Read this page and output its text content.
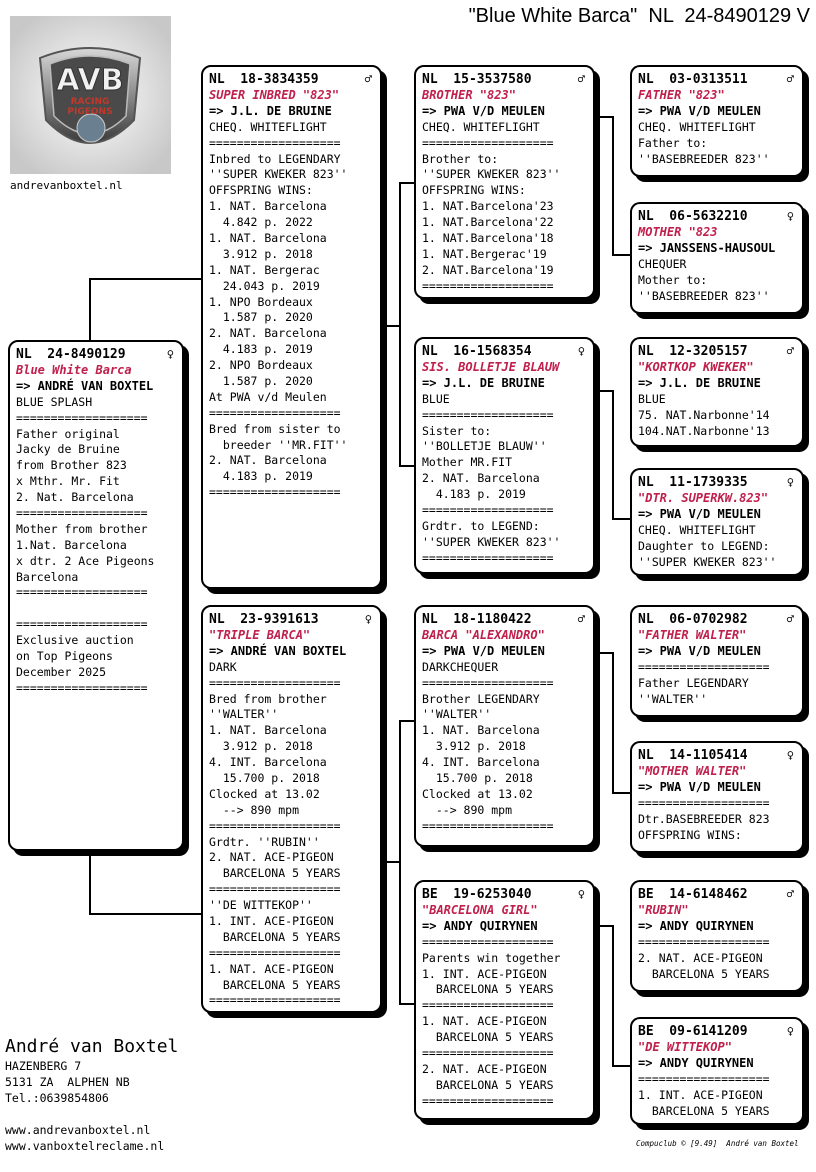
"Blue White Barca"  NL  24-8490129 V
AVB
RACING
PIGEONS
andrevanboxtel.nl
NL  24-8490129	♀
Blue White Barca
=> ANDRÉ VAN BOXTEL
BLUE SPLASH
===================
Father original
Jacky de Bruine
from Brother 823
x Mthr. Mr. Fit
2. Nat. Barcelona
===================
Mother from brother
1.Nat. Barcelona
x dtr. 2 Ace Pigeons
Barcelona
===================
===================
Exclusive auction
on Top Pigeons
December 2025
===================
NL  18-3834359	♂
SUPER INBRED "823"
=> J.L. DE BRUINE
CHEQ. WHITEFLIGHT
===================
Inbred to LEGENDARY
''SUPER KWEKER 823''
OFFSPRING WINS:
1. NAT. Barcelona
4.842 p. 2022
1. NAT. Barcelona
3.912 p. 2018
1. NAT. Bergerac
24.043 p. 2019
1. NPO Bordeaux
1.587 p. 2020
2. NAT. Barcelona
4.183 p. 2019
2. NPO Bordeaux
1.587 p. 2020
At PWA v/d Meulen
===================
Bred from sister to
breeder ''MR.FIT''
2. NAT. Barcelona
4.183 p. 2019
===================
NL  15-3537580	♂
BROTHER "823"
=> PWA V/D MEULEN
CHEQ. WHITEFLIGHT
===================
Brother to:
''SUPER KWEKER 823''
OFFSPRING WINS:
1. NAT.Barcelona'23
1. NAT.Barcelona'22
1. NAT.Barcelona'18
1. NAT.Bergerac'19
2. NAT.Barcelona'19
===================
NL  03-0313511	♂
FATHER "823"
=> PWA V/D MEULEN
CHEQ. WHITEFLIGHT
Father to:
''BASEBREEDER 823''
NL  06-5632210	♀
MOTHER "823
=> JANSSENS-HAUSOUL
CHEQUER
Mother to:
''BASEBREEDER 823''
NL  16-1568354	♀
SIS. BOLLETJE BLAUW
=> J.L. DE BRUINE
BLUE
===================
Sister to:
''BOLLETJE BLAUW''
Mother MR.FIT
2. NAT. Barcelona
4.183 p. 2019
===================
Grdtr. to LEGEND:
''SUPER KWEKER 823''
===================
NL  12-3205157	♂
"KORTKOP KWEKER"
=> J.L. DE BRUINE
BLUE
75. NAT.Narbonne'14
104.NAT.Narbonne'13
NL  11-1739335	♀
"DTR. SUPERKW.823"
=> PWA V/D MEULEN
CHEQ. WHITEFLIGHT
Daughter to LEGEND:
''SUPER KWEKER 823''
NL  23-9391613	♀
"TRIPLE BARCA"
=> ANDRÉ VAN BOXTEL
DARK
===================
Bred from brother
''WALTER''
1. NAT. Barcelona
3.912 p. 2018
4. INT. Barcelona
15.700 p. 2018
Clocked at 13.02
--> 890 mpm
===================
Grdtr. ''RUBIN''
2. NAT. ACE-PIGEON
BARCELONA 5 YEARS
===================
''DE WITTEKOP''
1. INT. ACE-PIGEON
BARCELONA 5 YEARS
===================
1. NAT. ACE-PIGEON
BARCELONA 5 YEARS
===================
NL  18-1180422	♂
BARCA "ALEXANDRO"
=> PWA V/D MEULEN
DARKCHEQUER
===================
Brother LEGENDARY
''WALTER''
1. NAT. Barcelona
3.912 p. 2018
4. INT. Barcelona
15.700 p. 2018
Clocked at 13.02
--> 890 mpm
===================
NL  06-0702982	♂
"FATHER WALTER"
=> PWA V/D MEULEN
===================
Father LEGENDARY
''WALTER''
NL  14-1105414	♀
"MOTHER WALTER"
=> PWA V/D MEULEN
===================
Dtr.BASEBREEDER 823
OFFSPRING WINS:
BE  19-6253040	♀
"BARCELONA GIRL"
=> ANDY QUIRYNEN
===================
Parents win together
1. INT. ACE-PIGEON
BARCELONA 5 YEARS
===================
1. NAT. ACE-PIGEON
BARCELONA 5 YEARS
===================
2. NAT. ACE-PIGEON
BARCELONA 5 YEARS
===================
BE  14-6148462	♂
"RUBIN"
=> ANDY QUIRYNEN
===================
2. NAT. ACE-PIGEON
BARCELONA 5 YEARS
BE  09-6141209	♀
"DE WITTEKOP"
=> ANDY QUIRYNEN
===================
1. INT. ACE-PIGEON
BARCELONA 5 YEARS
André van Boxtel
HAZENBERG 7
5131 ZA  ALPHEN NB
Tel.:0639854806
www.andrevanboxtel.nl
www.vanboxtelreclame.nl	Compuclub © [9.49]  André van Boxtel
